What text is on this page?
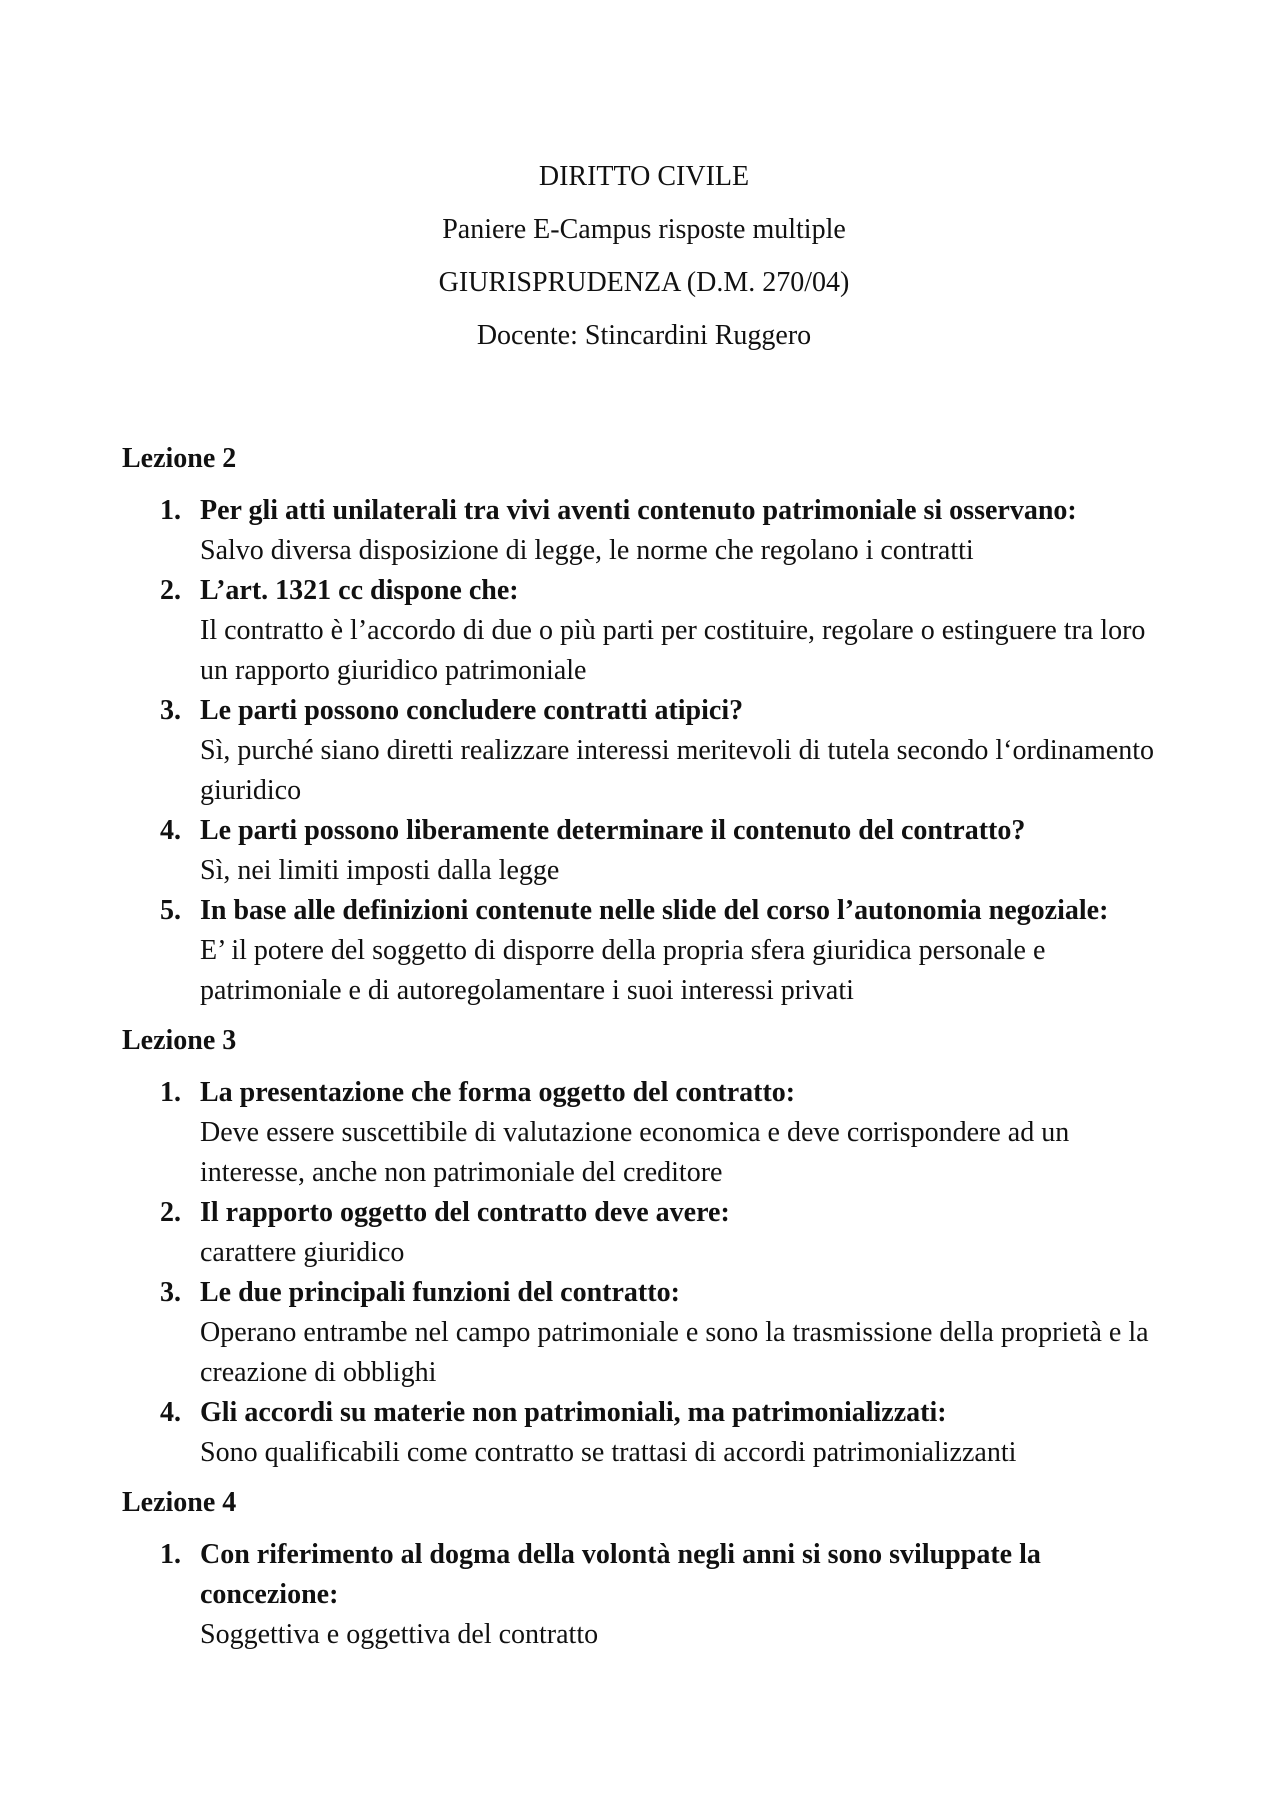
DIRITTO CIVILE
Paniere E-Campus risposte multiple
GIURISPRUDENZA (D.M. 270/04)
Docente: Stincardini Ruggero
Lezione 2
1. Per gli atti unilaterali tra vivi aventi contenuto patrimoniale si osservano:
Salvo diversa disposizione di legge, le norme che regolano i contratti
2. L’art. 1321 cc dispone che:
Il contratto è l’accordo di due o più parti per costituire, regolare o estinguere tra loro un rapporto giuridico patrimoniale
3. Le parti possono concludere contratti atipici?
Sì, purché siano diretti realizzare interessi meritevoli di tutela secondo l‘ordinamento giuridico
4. Le parti possono liberamente determinare il contenuto del contratto?
Sì, nei limiti imposti dalla legge
5. In base alle definizioni contenute nelle slide del corso l’autonomia negoziale:
E’ il potere del soggetto di disporre della propria sfera giuridica personale e patrimoniale e di autoregolamentare i suoi interessi privati
Lezione 3
1. La presentazione che forma oggetto del contratto:
Deve essere suscettibile di valutazione economica e deve corrispondere ad un interesse, anche non patrimoniale del creditore
2. Il rapporto oggetto del contratto deve avere:
carattere giuridico
3. Le due principali funzioni del contratto:
Operano entrambe nel campo patrimoniale e sono la trasmissione della proprietà e la creazione di obblighi
4. Gli accordi su materie non patrimoniali, ma patrimonializzati:
Sono qualificabili come contratto se trattasi di accordi patrimonializzanti
Lezione 4
1. Con riferimento al dogma della volontà negli anni si sono sviluppate la concezione:
Soggettiva e oggettiva del contratto
